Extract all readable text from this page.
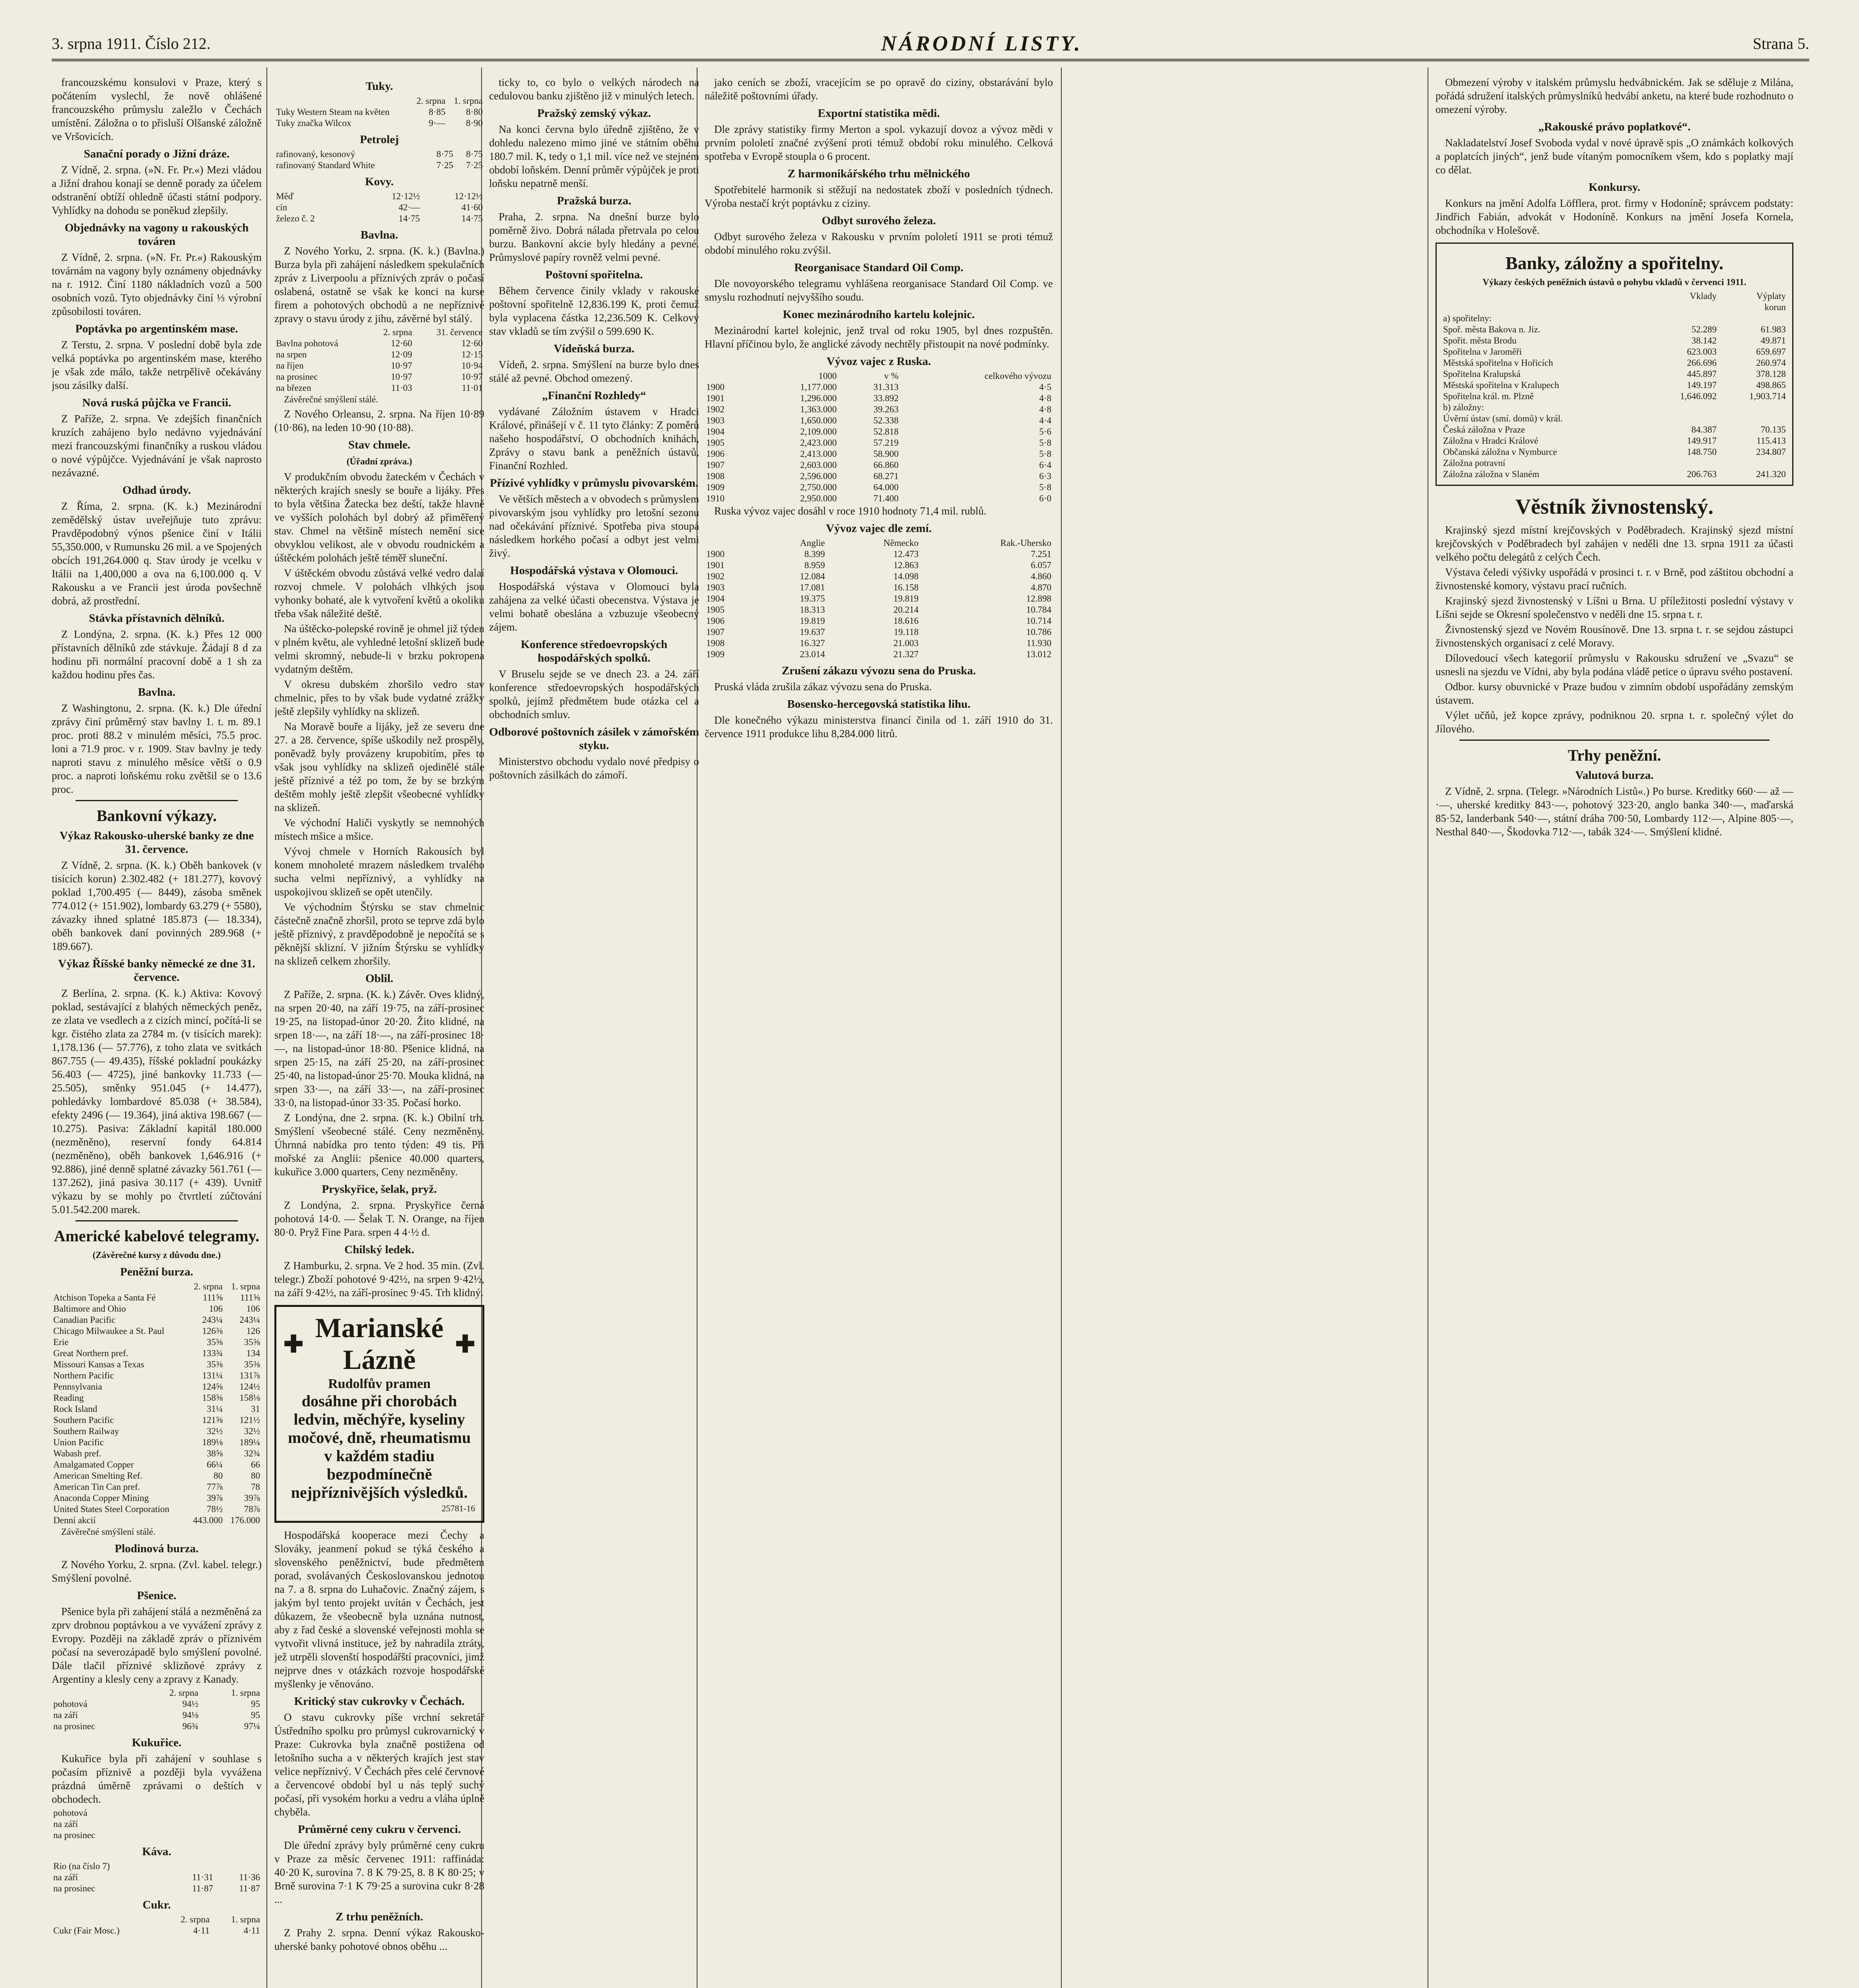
3. srpna 1911. Číslo 212.	NÁRODNÍ LISTY.	Strana 5.

francouzskému konsulovi v Praze, který s počátením vyslechl, že nově ohlášené francouzského průmyslu zaležlo v Čechách umístění. Záložna o to přisluší Olšanské záložně ve Vršovicích.

Sanační porady o Jižní dráze.

Z Vídně, 2. srpna. (»N. Fr. Pr.«) Mezi vládou a Jižní drahou konají se denně porady za účelem odstranění obtíží ohledně účasti státní podpory. Vyhlídky na dohodu se poněkud zlepšily.

Objednávky na vagony u rakouských továren

Z Vídně, 2. srpna. (»N. Fr. Pr.«) Rakouským továrnám na vagony byly oznámeny objednávky na r. 1912. Činí 1180 nákladních vozů a 500 osobních vozů. Tyto objednávky činí ⅓ výrobní způsobilosti továren.

Poptávka po argentinském mase.

Z Terstu, 2. srpna. V poslední době byla zde velká poptávka po argentinském mase, kterého je však zde málo, takže netrpělivě očekávány jsou zásilky další.

Nová ruská půjčka ve Francii.

Z Paříže, 2. srpna. Ve zdejších finančních kruzích zahájeno bylo nedávno vyjednávání mezi francouzskými finančníky a ruskou vládou o nové výpůjčce. Vyjednávání je však naprosto nezávazné.

Odhad úrody.

Z Říma, 2. srpna. (K. k.) Mezinárodní zemědělský ústav uveřejňuje tuto zprávu: Pravděpodobný výnos pšenice činí v Itálii 55,350.000, v Rumunsku 26 mil. a ve Spojených obcích 191,264.000 q. Stav úrody je vcelku v Itálii na 1,400,000 a ova na 6,100.000 q. V Rakousku a ve Francii jest úroda povšechně dobrá, až prostřední.

Stávka přístavních dělníků.

Z Londýna, 2. srpna. (K. k.) Přes 12 000 přístavních dělníků zde stávkuje. Žádají 8 d za hodinu při normální pracovní době a 1 sh za každou hodinu přes čas.

Bavlna.

Z Washingtonu, 2. srpna. (K. k.) Dle úřední zprávy činí průměrný stav bavlny 1. t. m. 89.1 proc. proti 88.2 v minulém měsíci, 75.5 proc. loni a 71.9 proc. v r. 1909. Stav bavlny je tedy naproti stavu z minulého měsíce větší o 0.9 proc. a naproti loňskému roku zvětšil se o 13.6 proc.

Bankovní výkazy.
Výkaz Rakousko-uherské banky ze dne 31. července.

Z Vídně, 2. srpna. (K. k.) Oběh bankovek (v tisících korun) 2.302.482 (+ 181.277), kovový poklad 1,700.495 (— 8449), zásoba směnek 774.012 (+ 151.902), lombardy 63.279 (+ 5580), závazky ihned splatné 185.873 (— 18.334), oběh bankovek daní povinných 289.968 (+ 189.667).

Výkaz Říšské banky německé ze dne 31. července.

Z Berlína, 2. srpna. (K. k.) Aktiva: Kovový poklad, sestávající z blahých německých peněz, ze zlata ve vsedlech a z cizích mincí, počítá-li se kgr. čistého zlata za 2784 m. (v tisících marek): 1,178.136 (— 57.776), z toho zlata ve svitkách 867.755 (— 49.435), říšské pokladní poukázky 56.403 (— 4725), jiné bankovky 11.733 (— 25.505), směnky 951.045 (+ 14.477), pohledávky lombardové 85.038 (+ 38.584), efekty 2496 (— 19.364), jiná aktiva 198.667 (— 10.275). Pasiva: Základní kapitál 180.000 (nezměněno), reservní fondy 64.814 (nezměněno), oběh bankovek 1,646.916 (+ 92.886), jiné denně splatné závazky 561.761 (— 137.262), jiná pasiva 30.117 (+ 439). Uvnitř výkazu by se mohly po čtvrtletí zúčtování 5.01.542.200 marek.

Americké kabelové telegramy.
(Závěrečné kursy z důvodu dne.)
Peněžní burza.
	2. srpna	1. srpna
Atchison Topeka a Santa Fé	111⅝	111⅝
Baltimore and Ohio	106	106
Canadian Pacific	243¼	243¼
Chicago Milwaukee a St. Paul	126⅜	126
Erie	35⅝	35⅝
Great Northern pref.	133¾	134
Missouri Kansas a Texas	35⅜	35⅜
Northern Pacific	131¼	131⅞
Pennsylvania	124⅝	124½
Reading	158⅝	158⅛
Rock Island	31¼	31
Southern Pacific	121⅝	121½
Southern Railway	32½	32½
Union Pacific	189⅛	189¼
Wabash pref.	38⅝	32¾
Amalgamated Copper	66¼	66
American Smelting Ref.	80	80
American Tin Can pref.	77⅞	78
Anaconda Copper Mining	39⅞	39⅞
United States Steel Corporation	78½	78⅞
Denní akcií	443.000	176.000

Závěrečné smýšlení stálé.

Plodinová burza.

Z Nového Yorku, 2. srpna. (Zvl. kabel. telegr.) Smýšlení povolné.

Pšenice.

Pšenice byla při zahájení stálá a nezměněná za zprv drobnou poptávkou a ve vyvážení zprávy z Evropy. Později na základě zpráv o příznivém počasí na severozápadě bylo smýšlení povolné. Dále tlačil příznivé sklizňové zprávy z Argentiny a klesly ceny a zpravy z Kanady.

	2. srpna	1. srpna
pohotová	94½	95
na září	94⅛	95
na prosinec	96¾	97¼
Kukuřice.

Kukuřice byla při zahájení v souhlase s počasím příznivě a později byla vyvážena prázdná úměrně zprávami o deštích v obchodech.

pohotová		
na září		
na prosinec		
Káva.
Rio (na číslo 7)		
na září	11·31	11·36
na prosinec	11·87	11·87
Cukr.
	2. srpna	1. srpna
Cukr (Fair Mosc.)	4·11	4·11
Tuky.
	2. srpna	1. srpna
Tuky Western Steam na květen	8·85	8·80
Tuky značka Wilcox	9·—	8·90
Petrolej
rafinovaný, kesonový	8·75	8·75
rafinovaný Standard White	7·25	7·25
Kovy.
Měď	12·12½	12·12½
cín	42·—	41·60
železo č. 2	14·75	14·75
Bavlna.

Z Nového Yorku, 2. srpna. (K. k.) (Bavlna.) Burza byla při zahájení následkem spekulačních zpráv z Liverpoolu a příznivých zpráv o počasí oslabená, ostatně se však ke konci na kurse firem a pohotových obchodů a ne nepříznivé zpravy o stavu úrody z jihu, závěrné byl stálý.

	2. srpna	31. července
Bavlna pohotová	12·60	12·60
na srpen	12·09	12·15
na říjen	10·97	10·94
na prosinec	10·97	10·97
na březen	11·03	11·01

Závěrečné smýšlení stálé.

Z Nového Orleansu, 2. srpna. Na říjen 10·89 (10·86), na leden 10·90 (10·88).

Stav chmele.
(Úřadní zpráva.)

V produkčním obvodu žateckém v Čechách v některých krajích snesly se bouře a lijáky. Přes to byla většina Žatecka bez deští, takže hlavně ve vyšších polohách byl dobrý až přiměřený stav. Chmel na většině místech nemění sice obvyklou velikost, ale v obvodu roudnickém a úštěckém polohách ještě téměř sluneční.

V úštěckém obvodu zůstává velké vedro dalaí rozvoj chmele. V polohách vlhkých jsou vyhonky bohaté, ale k vytvoření květů a okoliku třeba však náležité deště.

Na úštěcko-polepské rovině je ohmel již týden v plném květu, ale vyhledné letošní sklizeň bude velmi skromný, nebude-li v brzku pokropena vydatným deštěm.

V okresu dubském zhoršilo vedro stav chmelnic, přes to by však bude vydatné zrážky ještě zlepšily vyhlídky na sklizeň.

Na Moravě bouře a lijáky, jež ze severu dne 27. a 28. července, spíše uškodily než prospěly, poněvadž byly provázeny krupobitím, přes to však jsou vyhlídky na sklizeň ojedinělé stále ještě příznivé a též po tom, že by se brzkým deštěm mohly ještě zlepšit všeobecné vyhlídky na sklizeň.

Ve východní Haliči vyskytly se nemnohých místech mšice a mšice.

Vývoj chmele v Horních Rakousích byl konem mnoholeté mrazem následkem trvalého sucha velmi nepříznivý, a vyhlídky na uspokojivou sklizeň se opět utenčily.

Ve východním Štýrsku se stav chmelnic částečně značně zhoršil, proto se teprve zdá bylo ještě příznivý, z pravděpodobně je nepočítá se s pěknější sklizní. V jižním Štýrsku se vyhlídky na sklizeň celkem zhoršily.

Oblil.

Z Paříže, 2. srpna. (K. k.) Závěr. Oves klidný, na srpen 20·40, na září 19·75, na září-prosinec 19·25, na listopad-únor 20·20. Žito klidné, na srpen 18·—, na září 18·—, na září-prosinec 18·—, na listopad-únor 18·80. Pšenice klidná, na srpen 25·15, na září 25·20, na září-prosinec 25·40, na listopad-únor 25·70. Mouka klidná, na srpen 33·—, na září 33·—, na září-prosinec 33·0, na listopad-únor 33·35. Počasí horko.

Z Londýna, dne 2. srpna. (K. k.) Obilní trh. Smýšlení všeobecné stálé. Ceny nezměněny. Úhrnná nabídka pro tento týden: 49 tis. Při mořské za Anglii: pšenice 40.000 quarters, kukuřice 3.000 quarters, Ceny nezměněny.

Pryskyřice, šelak, pryž.

Z Londýna, 2. srpna. Pryskyřice černá pohotová 14·0. — Šelak T. N. Orange, na říjen 80·0. Pryž Fine Para. srpen 4 4·½ d.

Chilský ledek.

Z Hamburku, 2. srpna. Ve 2 hod. 35 min. (Zvl. telegr.) Zboží pohotové 9·42½, na srpen 9·42½, na září 9·42½, na září-prosinec 9·45. Trh klidný.

✚
Marianské Lázně
✚
Rudolfův pramen
dosáhne při chorobách ledvin, měchýře, kyseliny močové, dně, rheumatismu v každém stadiu bezpodmínečně nejpříznivějších výsledků.
25781-16

Hospodářská kooperace mezi Čechy a Slováky, jeanmení pokud se týká českého a slovenského peněžnictví, bude předmětem porad, svolávaných Českoslovanskou jednotou na 7. a 8. srpna do Luhačovic. Značný zájem, s jakým byl tento projekt uvítán v Čechách, jest důkazem, že všeobecně byla uznána nutnost, aby z řad české a slovenské veřejnosti mohla se vytvořit vlivná instituce, jež by nahradila ztráty, jež utrpěli slovenští hospodářští pracovníci, jimž nejprve dnes v otázkách rozvoje hospodářské myšlenky je věnováno.

Kritický stav cukrovky v Čechách.

O stavu cukrovky píše vrchní sekretář Ústředního spolku pro průmysl cukrovarnický v Praze: Cukrovka byla značně postižena od letošního sucha a v některých krajích jest stav velice nepříznivý. V Čechách přes celé červnové a červencové období byl u nás teplý suchý počasí, při vysokém horku a vedru a vláha úplně chyběla.

Průměrné ceny cukru v červenci.

Dle úřední zprávy byly průměrné ceny cukru v Praze za měsíc červenec 1911: raffináda: 40·20 K, surovina 7. 8 K 79·25, 8. 8 K 80·25; v Brně surovina 7·1 K 79·25 a surovina cukr 8·28 ...

Z trhu peněžních.

Z Prahy 2. srpna. Denní výkaz Rakousko-uherské banky pohotové obnos oběhu ...

ticky to, co bylo o velkých národech na cedulovou banku zjištěno již v minulých letech.

Pražský zemský výkaz.

Na konci června bylo úředně zjištěno, že v dohledu nalezeno mimo jiné ve státním oběhu 180.7 mil. K, tedy o 1,1 mil. více než ve stejném období loňském. Denní průměr výpůjček je proti loňsku nepatrně menší.

Pražská burza.

Praha, 2. srpna. Na dnešní burze bylo poměrně živo. Dobrá nálada přetrvala po celou burzu. Bankovní akcie byly hledány a pevné. Průmyslové papíry rovněž velmi pevné.

Poštovní spořitelna.

Během července činily vklady v rakouské poštovní spořitelně 12,836.199 K, proti čemuž byla vyplacena částka 12,236.509 K. Celkový stav vkladů se tím zvýšil o 599.690 K.

Vídeňská burza.

Vídeň, 2. srpna. Smýšlení na burze bylo dnes stálé až pevné. Obchod omezený.

„Finanční Rozhledy“

vydávané Záložním ústavem v Hradci Králové, přinášejí v č. 11 tyto články: Z poměrů našeho hospodářství, O obchodních knihách, Zprávy o stavu bank a peněžních ústavů, Finanční Rozhled.

Přízivé vyhlídky v průmyslu pivovarském.

Ve větších městech a v obvodech s průmyslem pivovarským jsou vyhlídky pro letošní sezonu nad očekávání příznivé. Spotřeba piva stoupá následkem horkého počasí a odbyt jest velmi živý.

Hospodářská výstava v Olomouci.

Hospodářská výstava v Olomouci byla zahájena za velké účasti obecenstva. Výstava je velmi bohatě obeslána a vzbuzuje všeobecný zájem.

Konference středoevropských hospodářských spolků.

V Bruselu sejde se ve dnech 23. a 24. září konference středoevropských hospodářských spolků, jejímž předmětem bude otázka cel a obchodních smluv.

Odborové poštovních zásilek v zámořském styku.

Ministerstvo obchodu vydalo nové předpisy o poštovních zásilkách do zámoří.

jako ceních se zboží, vracejícím se po opravě do ciziny, obstarávání bylo náležitě poštovními úřady.

Exportní statistika mědi.

Dle zprávy statistiky firmy Merton a spol. vykazují dovoz a vývoz mědi v prvním pololetí značné zvýšení proti témuž období roku minulého. Celková spotřeba v Evropě stoupla o 6 procent.

Z harmonikářského trhu mělnického

Spotřebitelé harmonik si stěžují na nedostatek zboží v posledních týdnech. Výroba nestačí krýt poptávku z ciziny.

Odbyt surového železa.

Odbyt surového železa v Rakousku v prvním pololetí 1911 se proti témuž období minulého roku zvýšil.

Reorganisace Standard Oil Comp.

Dle novoyorského telegramu vyhlášena reorganisace Standard Oil Comp. ve smyslu rozhodnutí nejvyššího soudu.

Konec mezinárodního kartelu kolejnic.

Mezinárodní kartel kolejnic, jenž trval od roku 1905, byl dnes rozpuštěn. Hlavní příčinou bylo, že anglické závody nechtěly přistoupit na nové podmínky.

Vývoz vajec z Ruska.
	1000	v %	celkového vývozu
1900	1,177.000	31.313	4·5
1901	1,296.000	33.892	4·8
1902	1,363.000	39.263	4·8
1903	1,650.000	52.338	4·4
1904	2,109.000	52.818	5·6
1905	2,423.000	57.219	5·8
1906	2,413.000	58.900	5·8
1907	2,603.000	66.860	6·4
1908	2,596.000	68.271	6·3
1909	2,750.000	64.000	5·8
1910	2,950.000	71.400	6·0

Ruska vývoz vajec dosáhl v roce 1910 hodnoty 71,4 mil. rublů.

Vývoz vajec dle zemí.
	Anglie	Německo	Rak.-Uhersko
1900	8.399	12.473	7.251
1901	8.959	12.863	6.057
1902	12.084	14.098	4.860
1903	17.081	16.158	4.870
1904	19.375	19.819	12.898
1905	18.313	20.214	10.784
1906	19.819	18.616	10.714
1907	19.637	19.118	10.786
1908	16.327	21.003	11.930
1909	23.014	21.327	13.012
Zrušení zákazu vývozu sena do Pruska.

Pruská vláda zrušila zákaz vývozu sena do Pruska.

Bosensko-hercegovská statistika lihu.

Dle konečného výkazu ministerstva financí činila od 1. září 1910 do 31. července 1911 produkce lihu 8,284.000 litrů.

Obmezení výroby v italském průmyslu hedvábnickém. Jak se sděluje z Milána, pořádá sdružení italských průmyslníků hedvábí anketu, na které bude rozhodnuto o omezení výroby.

„Rakouské právo poplatkové“.

Nakladatelství Josef Svoboda vydal v nové úpravě spis „O známkách kolkových a poplatcích jiných“, jenž bude vítaným pomocníkem všem, kdo s poplatky mají co dělat.

Konkursy.

Konkurs na jmění Adolfa Löfflera, prot. firmy v Hodoníně; správcem podstaty: Jindřich Fabián, advokát v Hodoníně. Konkurs na jmění Josefa Kornela, obchodníka v Holešově.

Banky, záložny a spořitelny.
Výkazy českých peněžních ústavů o pohybu vkladů v červenci 1911.
	Vklady	Výplaty
	korun	
a) spořitelny:		
Spoř. města Bakova n. Jiz.	52.289	61.983
Spořit. města Brodu	38.142	49.871
Spořitelna v Jaroměři	623.003	659.697
Městská spořitelna v Hořicích	266.696	260.974
Spořitelna Kralupská	445.897	378.128
Městská spořitelna v Kralupech	149.197	498.865
Spořitelna král. m. Plzně	1,646.092	1,903.714
b) záložny:		
Úvěrní ústav (smí. domů) v král.		
Česká záložna v Praze	84.387	70.135
Záložna v Hradci Králové	149.917	115.413
Občanská záložna v Nymburce	148.750	234.807
Záložna potravní		
Záložna záložna v Slaném	206.763	241.320
Věstník živnostenský.

Krajinský sjezd místní krejčovských v Poděbradech. Krajinský sjezd místní krejčovských v Poděbradech byl zahájen v neděli dne 13. srpna 1911 za účasti velkého počtu delegátů z celých Čech.

Výstava čeledi výšivky uspořádá v prosinci t. r. v Brně, pod záštitou obchodní a živnostenské komory, výstavu prací ručních.

Krajinský sjezd živnostenský v Líšni u Brna. U příležitosti poslední výstavy v Líšni sejde se Okresní společenstvo v neděli dne 15. srpna t. r.

Živnostenský sjezd ve Novém Rousínově. Dne 13. srpna t. r. se sejdou zástupci živnostenských organisací z celé Moravy.

Dílovedoucí všech kategorií průmyslu v Rakousku sdružení ve „Svazu“ se usnesli na sjezdu ve Vídni, aby byla podána vládě petice o úpravu svého postavení.

Odbor. kursy obuvnické v Praze budou v zimním období uspořádány zemským ústavem.

Výlet učňů, jež kopce zprávy, podniknou 20. srpna t. r. společný výlet do Jílového.

Trhy peněžní.
Valutová burza.

Z Vídně, 2. srpna. (Telegr. »Národních Listů«.) Po burse. Kreditky 660·— až —·—, uherské kreditky 843·—, pohotový 323·20, anglo banka 340·—, maďarská 85·52, landerbank 540·—, státní dráha 700·50, Lombardy 112·—, Alpine 805·—, Nesthal 840·—, Škodovka 712·—, tabák 324·—. Smýšlení klidné.
